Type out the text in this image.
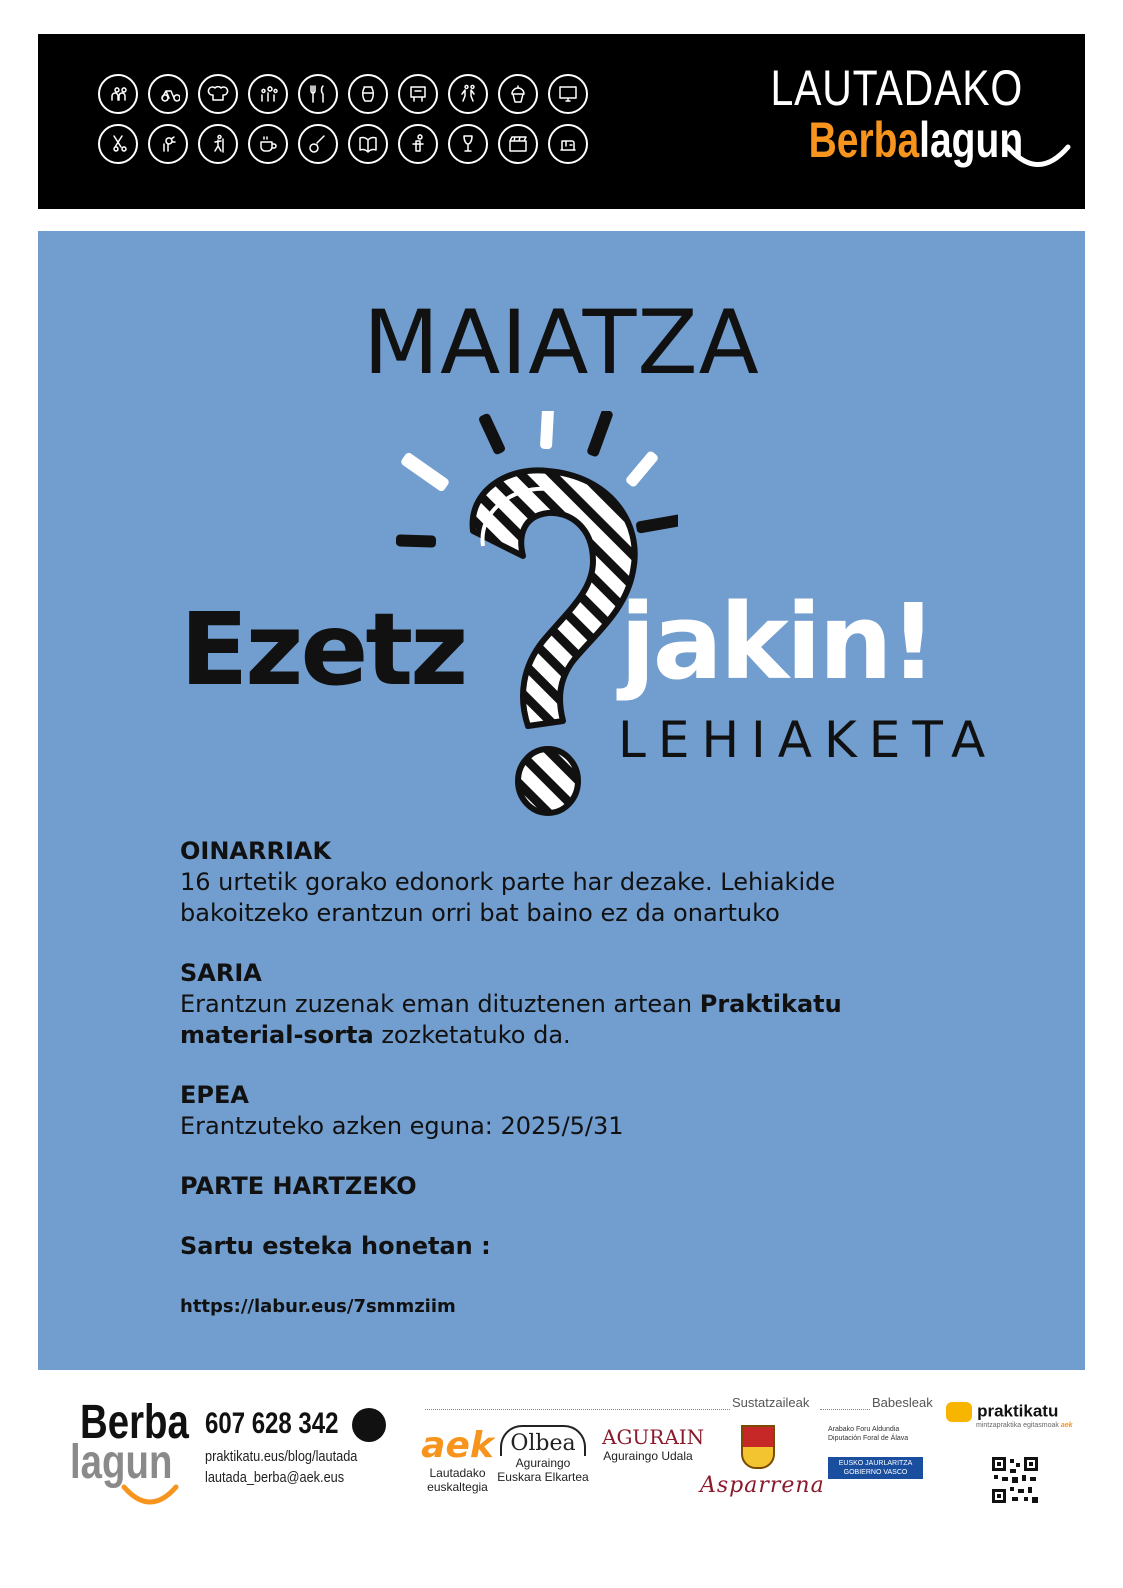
LAUTADAKO
Berbalagun
MAIATZA
Ezetz jakin!
LEHIAKETA
OINARRIAK
16 urtetik gorako edonork parte har dezake. Lehiakide bakoitzeko erantzun orri bat baino ez da onartuko
SARIA
Erantzun zuzenak eman dituztenen artean Praktikatu material-sorta zozketatuko da.
EPEA
Erantzuteko azken eguna: 2025/5/31
PARTE HARTZEKO
Sartu esteka honetan :
https://labur.eus/7smmziim
Berba
lagun
607 628 342
praktikatu.eus/blog/lautada
lautada_berba@aek.eus
Sustatzaileak	Babesleak
aek
Lautadako euskaltegia
Olbea
Aguraingo Euskara Elkartea
AGURAIN
Aguraingo Udala
Asparrena
Arabako Foru Aldundia Diputación Foral de Álava
EUSKO JAURLARITZA GOBIERNO VASCO
praktikatu
mintzapraktika egitasmoak aek
